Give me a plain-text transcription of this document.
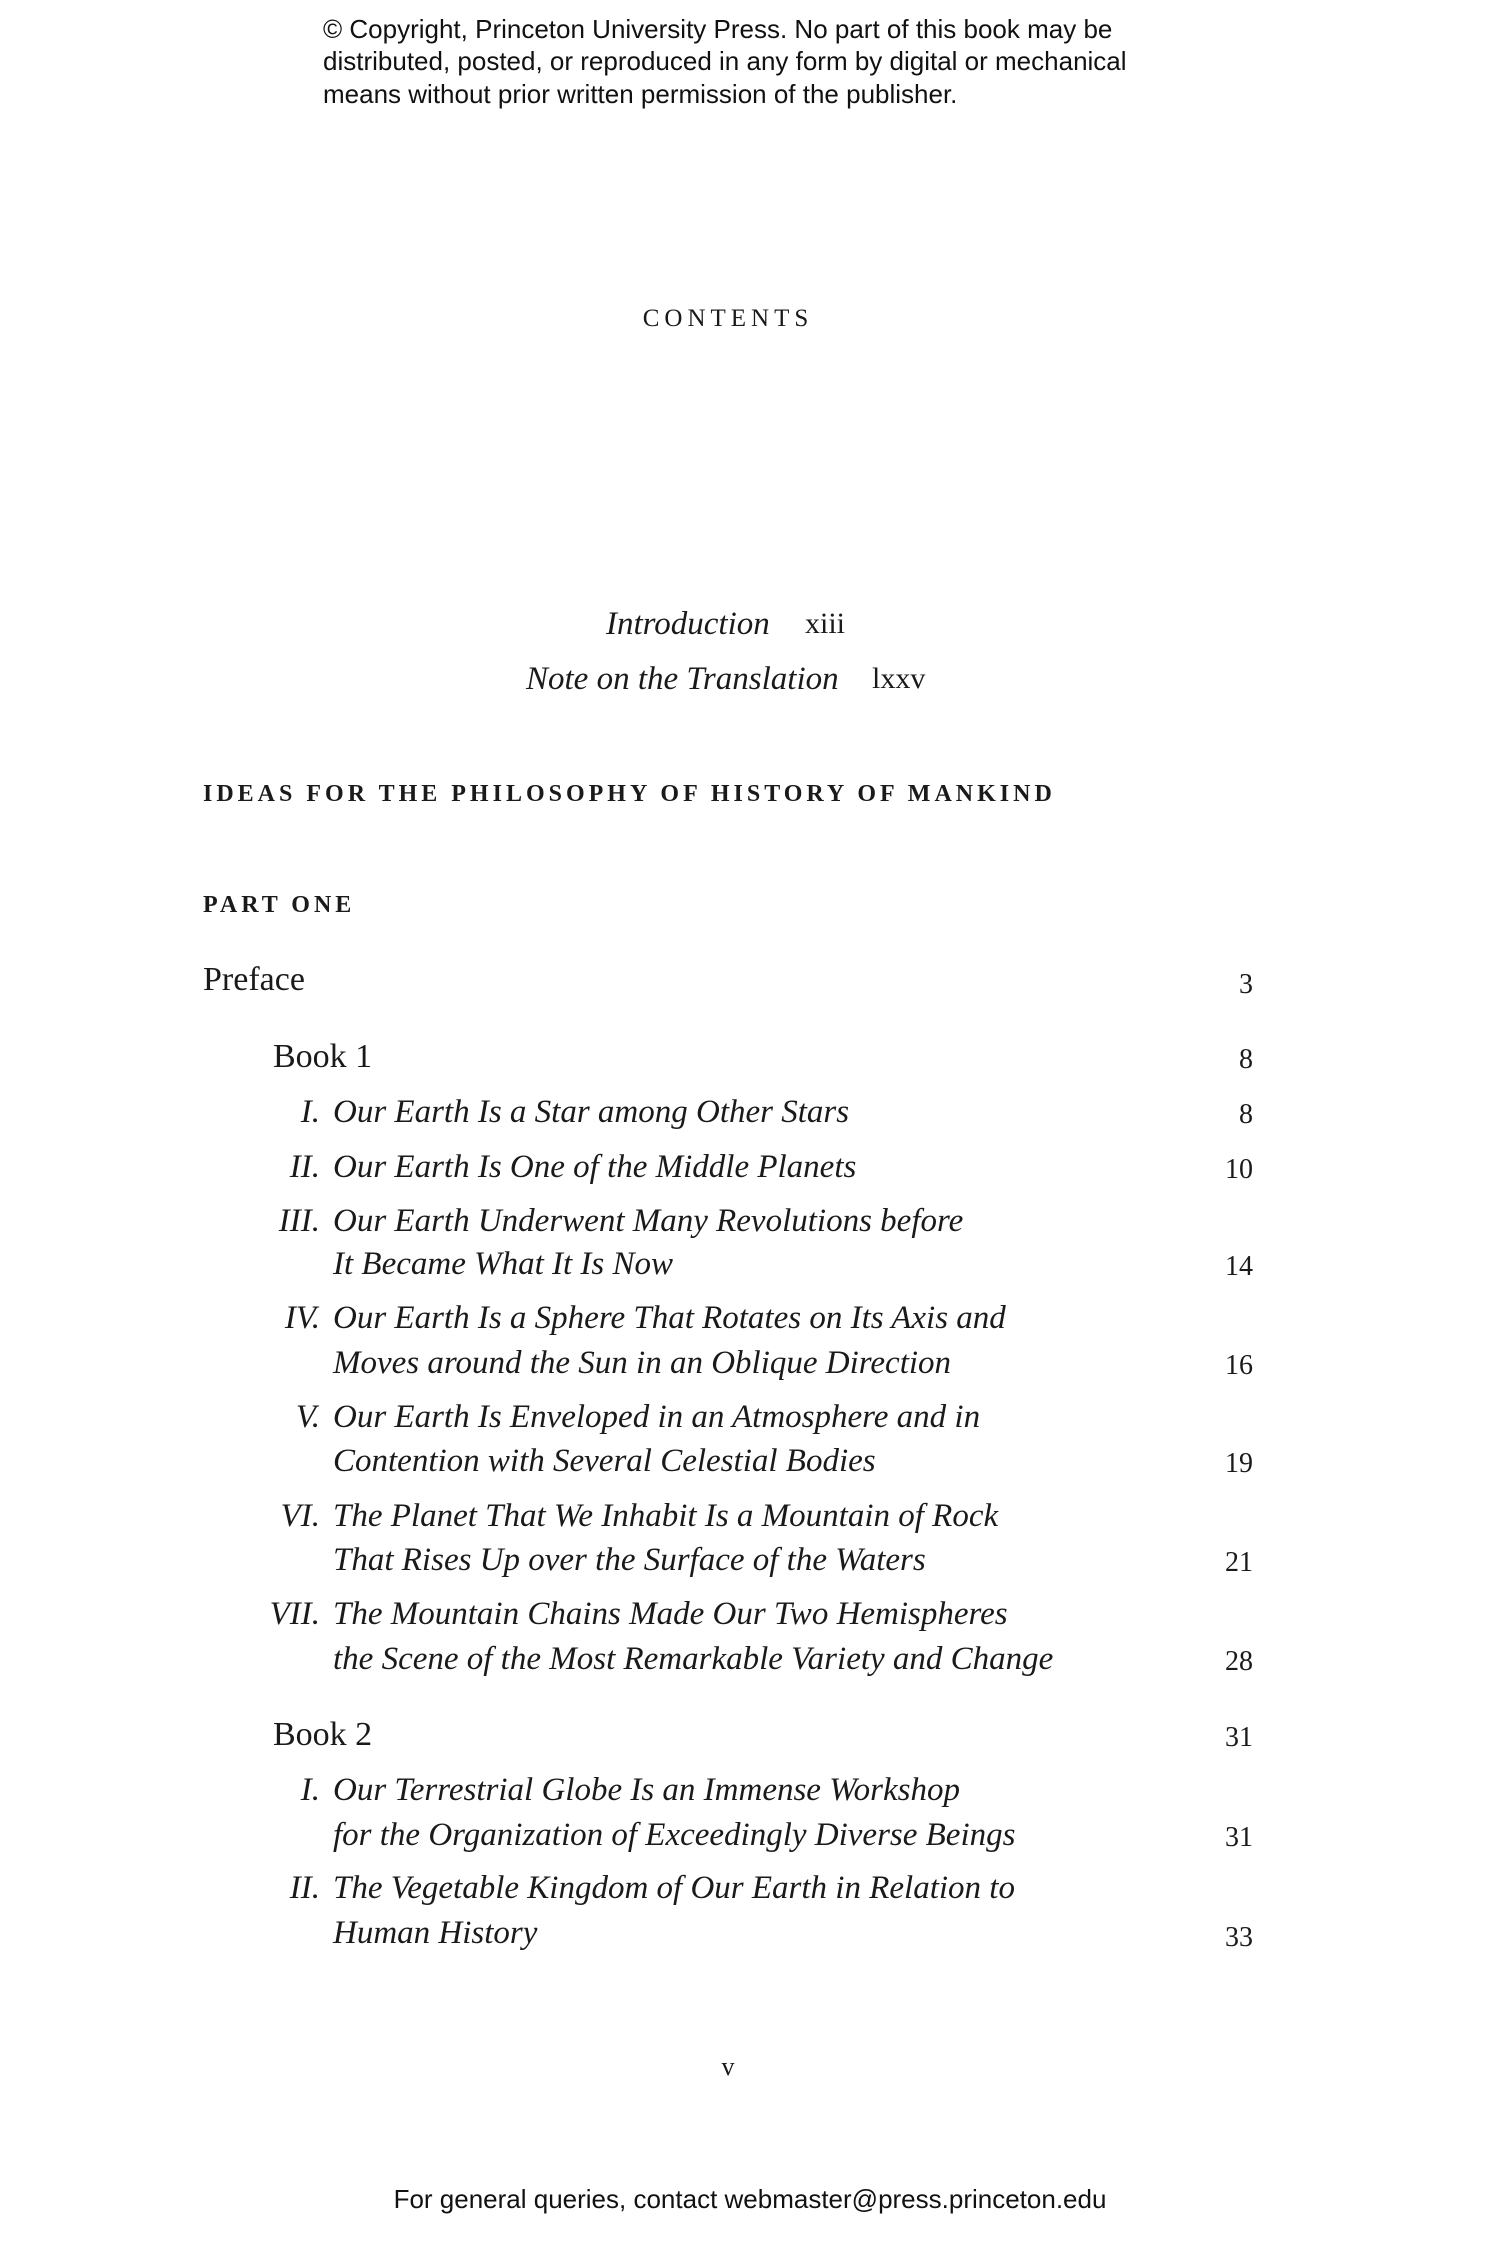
© Copyright, Princeton University Press. No part of this book may be
distributed, posted, or reproduced in any form by digital or mechanical
means without prior written permission of the publisher.
CONTENTS
Introduction xiii
Note on the Translation lxxv
IDEAS FOR THE PHILOSOPHY OF HISTORY OF MANKIND
PART ONE
Preface	3
Book 1	8
I. Our Earth Is a Star among Other Stars	8
II. Our Earth Is One of the Middle Planets	10
III. Our Earth Underwent Many Revolutions before
It Became What It Is Now	14
IV. Our Earth Is a Sphere That Rotates on Its Axis and
Moves around the Sun in an Oblique Direction	16
V. Our Earth Is Enveloped in an Atmosphere and in
Contention with Several Celestial Bodies	19
VI. The Planet That We Inhabit Is a Mountain of Rock
That Rises Up over the Surface of the Waters	21
VII. The Mountain Chains Made Our Two Hemispheres
the Scene of the Most Remarkable Variety and Change	28
Book 2	31
I. Our Terrestrial Globe Is an Immense Workshop
for the Organization of Exceedingly Diverse Beings	31
II. The Vegetable Kingdom of Our Earth in Relation to
Human History	33
v
For general queries, contact webmaster@press.princeton.edu
